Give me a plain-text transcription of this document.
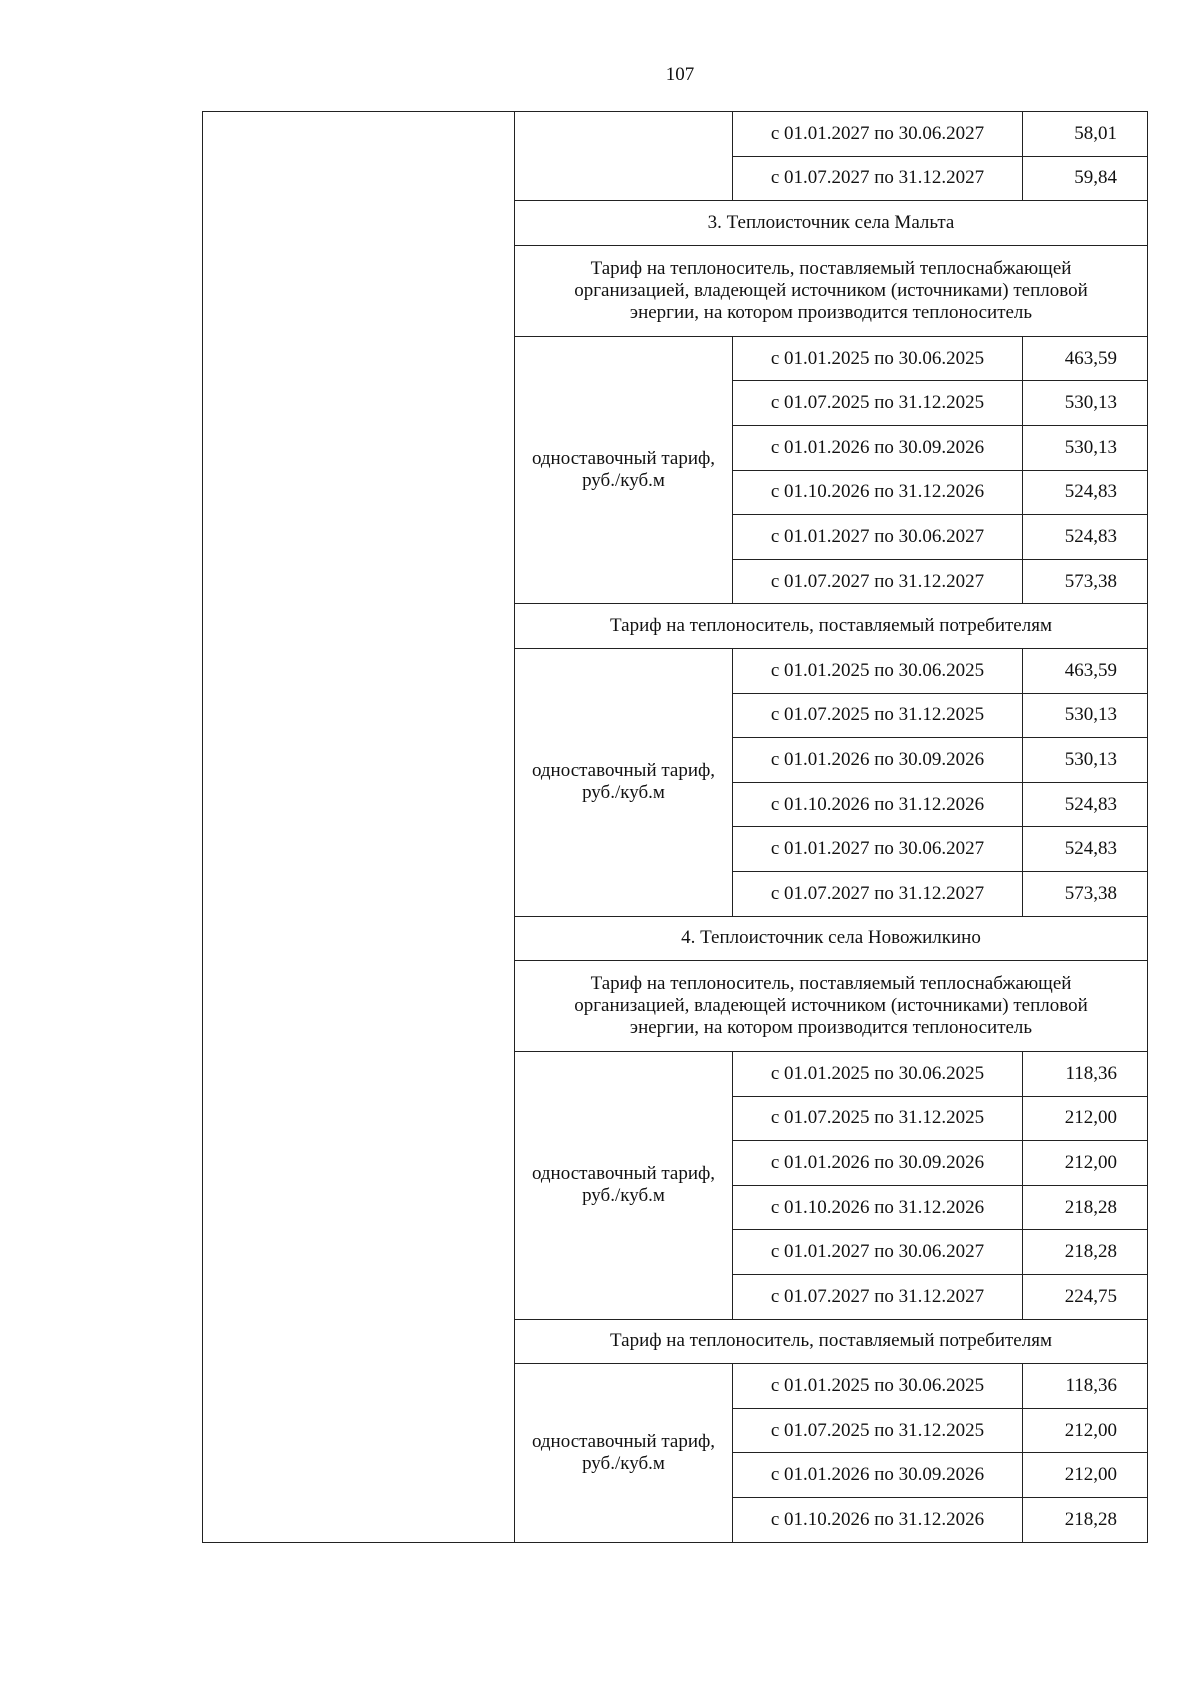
107
		с 01.01.2027 по 30.06.2027	58,01
		с 01.07.2027 по 31.12.2027	59,84
	3. Теплоисточник села Мальта		
	Тариф на теплоноситель, поставляемый теплоснабжающей организацией, владеющей источником (источниками) тепловой энергии, на котором производится теплоноситель		
	одноставочный тариф, руб./куб.м	с 01.01.2025 по 30.06.2025	463,59
		с 01.07.2025 по 31.12.2025	530,13
		с 01.01.2026 по 30.09.2026	530,13
		с 01.10.2026 по 31.12.2026	524,83
		с 01.01.2027 по 30.06.2027	524,83
		с 01.07.2027 по 31.12.2027	573,38
	Тариф на теплоноситель, поставляемый потребителям		
	одноставочный тариф, руб./куб.м	с 01.01.2025 по 30.06.2025	463,59
		с 01.07.2025 по 31.12.2025	530,13
		с 01.01.2026 по 30.09.2026	530,13
		с 01.10.2026 по 31.12.2026	524,83
		с 01.01.2027 по 30.06.2027	524,83
		с 01.07.2027 по 31.12.2027	573,38
	4. Теплоисточник села Новожилкино		
	Тариф на теплоноситель, поставляемый теплоснабжающей организацией, владеющей источником (источниками) тепловой энергии, на котором производится теплоноситель		
	одноставочный тариф, руб./куб.м	с 01.01.2025 по 30.06.2025	118,36
		с 01.07.2025 по 31.12.2025	212,00
		с 01.01.2026 по 30.09.2026	212,00
		с 01.10.2026 по 31.12.2026	218,28
		с 01.01.2027 по 30.06.2027	218,28
		с 01.07.2027 по 31.12.2027	224,75
	Тариф на теплоноситель, поставляемый потребителям		
	одноставочный тариф, руб./куб.м	с 01.01.2025 по 30.06.2025	118,36
		с 01.07.2025 по 31.12.2025	212,00
		с 01.01.2026 по 30.09.2026	212,00
		с 01.10.2026 по 31.12.2026	218,28
